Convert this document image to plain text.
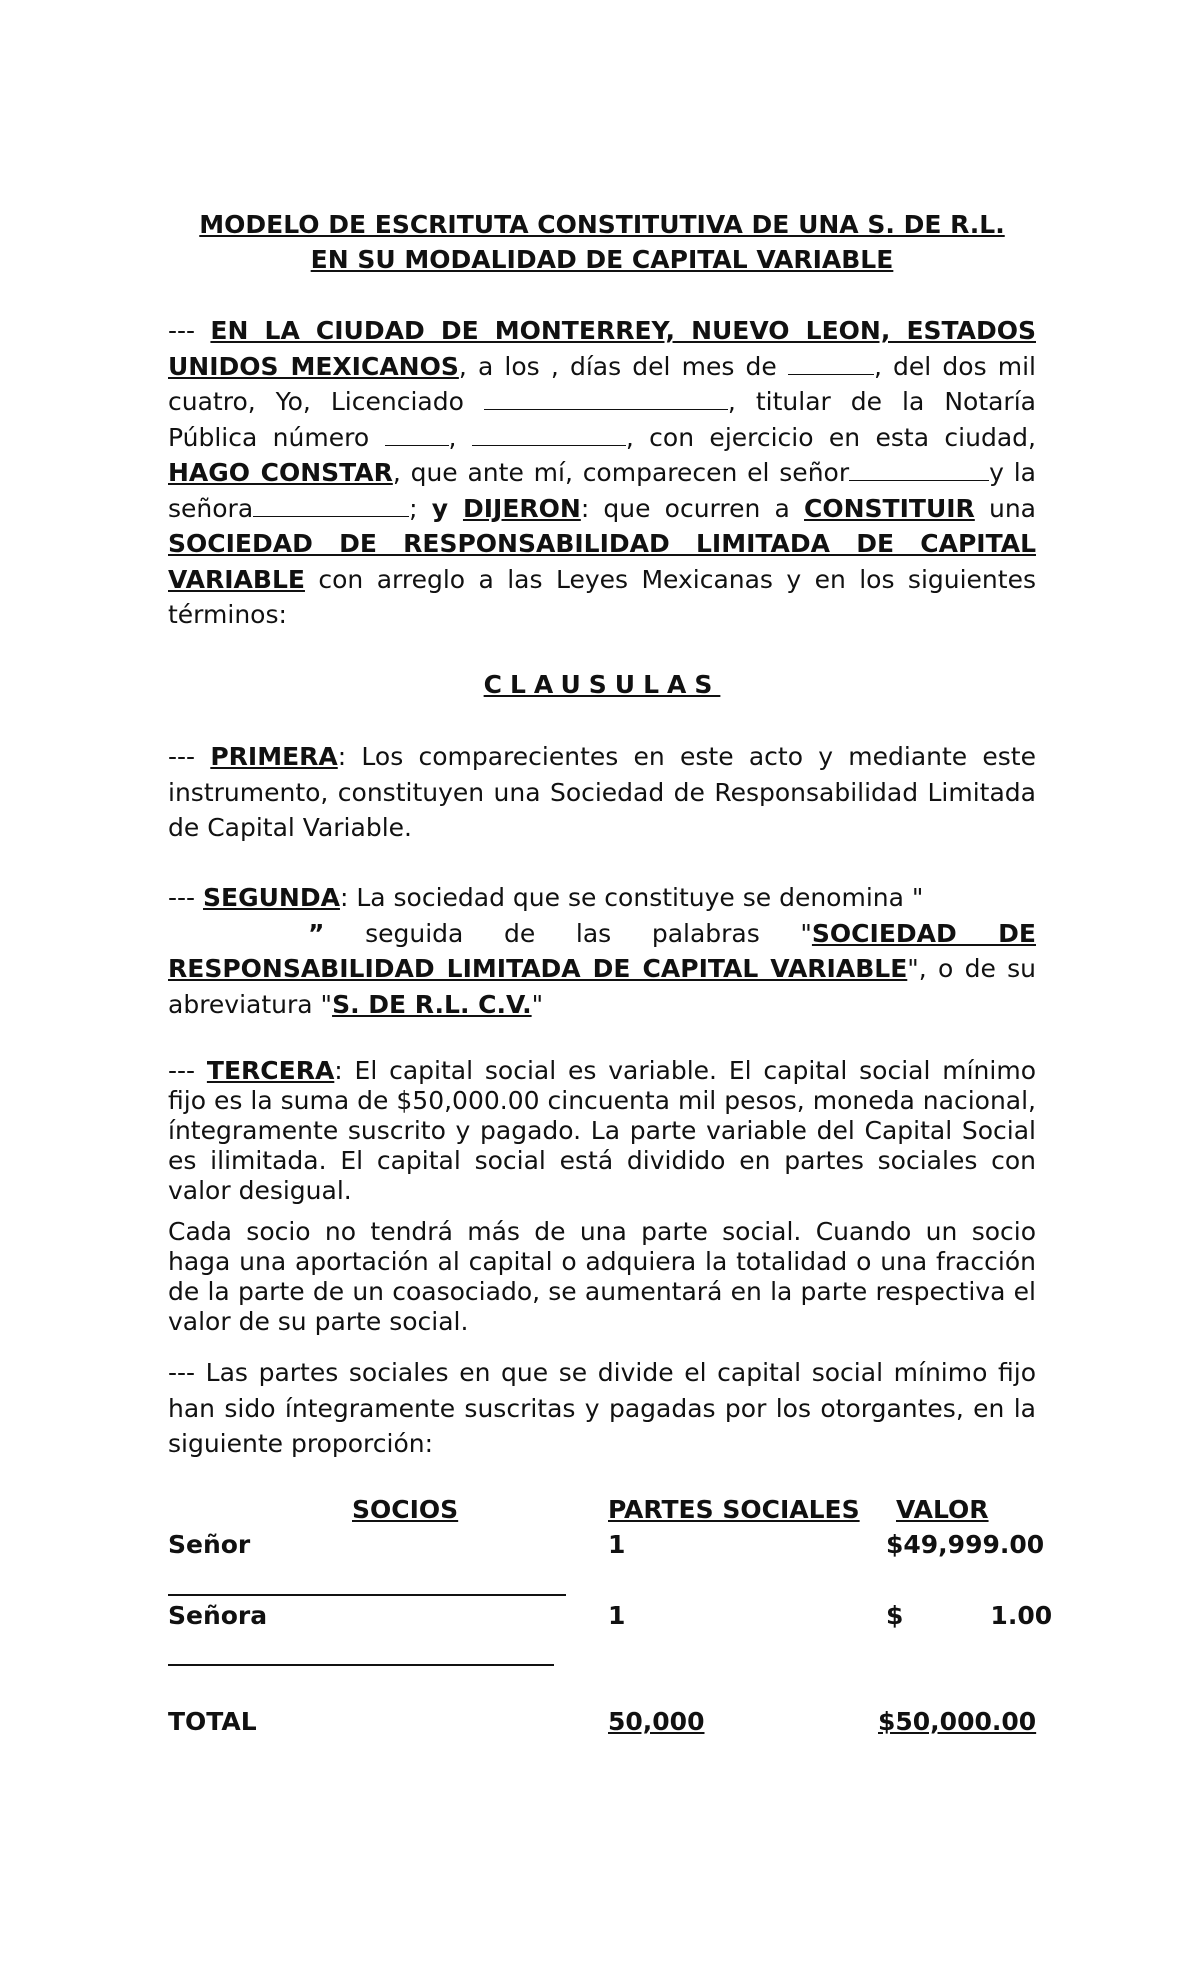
MODELO DE ESCRITUTA CONSTITUTIVA DE UNA S. DE R.L.
EN SU MODALIDAD DE CAPITAL VARIABLE
--- EN LA CIUDAD DE MONTERREY, NUEVO LEON, ESTADOS UNIDOS MEXICANOS, a los , días del mes de	, del dos mil cuatro, Yo, Licenciado	, titular de la Notaría Pública número	,	, con ejercicio en esta ciudad, HAGO CONSTAR, que ante mí, comparecen el señor	y la señora	; y DIJERON: que ocurren a CONSTITUIR una SOCIEDAD DE RESPONSABILIDAD LIMITADA DE CAPITAL VARIABLE con arreglo a las Leyes Mexicanas y en los siguientes términos:
CLAUSULAS
--- PRIMERA: Los comparecientes en este acto y mediante este instrumento, constituyen una Sociedad de Responsabilidad Limitada de Capital Variable.
--- SEGUNDA: La sociedad que se constituye se denomina "
” seguida de las palabras "SOCIEDAD DE RESPONSABILIDAD LIMITADA DE CAPITAL VARIABLE", o de su abreviatura "S. DE R.L. C.V."
--- TERCERA: El capital social es variable. El capital social mínimo fijo es la suma de $50,000.00 cincuenta mil pesos, moneda nacional, íntegramente suscrito y pagado. La parte variable del Capital Social es ilimitada. El capital social está dividido en partes sociales con valor desigual.
Cada socio no tendrá más de una parte social. Cuando un socio haga una aportación al capital o adquiera la totalidad o una fracción de la parte de un coasociado, se aumentará en la parte respectiva el valor de su parte social.
--- Las partes sociales en que se divide el capital social mínimo fijo han sido íntegramente suscritas y pagadas por los otorgantes, en la siguiente proporción:
SOCIOS	PARTES SOCIALES VALOR
Señor	1	$49,999.00
Señora	1	$          1.00
TOTAL	50,000	$50,000.00
